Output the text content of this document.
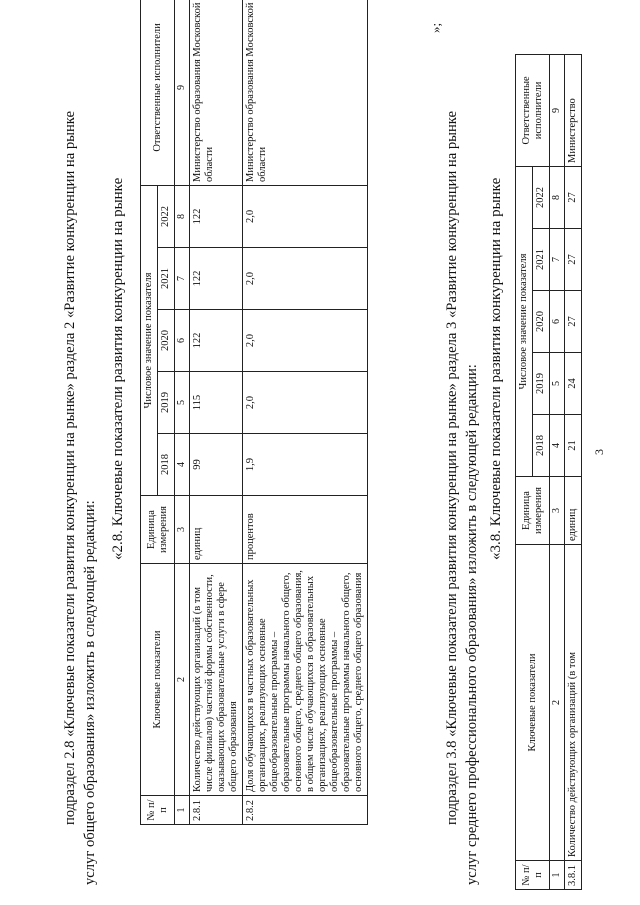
3
подраздел 2.8 «Ключевые показатели развития конкуренции на рынке» раздела 2 «Развитие конкуренции на рынке услуг общего образования» изложить в следующей редакции:
«2.8. Ключевые показатели развития конкуренции на рынке
№ п/п	Ключевые показатели	Единица измерения	Числовое значение показателя					Ответственные исполнители
			2018	2019	2020	2021	2022	
1	2	3	4	5	6	7	8	9
2.8.1	Количество действующих организаций (в том числе филиалов) частной формы собственности, оказывающих образовательные услуги в сфере общего образования	единиц	99	115	122	122	122	Министерство образования Московской области
2.8.2	Доля обучающихся в частных образовательных организациях, реализующих основные общеобразовательные программы – образовательные программы начального общего, основного общего, среднего общего образования, в общем числе обучающихся в образовательных организациях, реализующих основные общеобразовательные программы – образовательные программы начального общего, основного общего, среднего общего образования	процентов	1,9	2,0	2,0	2,0	2,0	Министерство образования Московской области
»;
подраздел 3.8 «Ключевые показатели развития конкуренции на рынке» раздела 3 «Развитие конкуренции на рынке услуг среднего профессионального образования» изложить в следующей редакции: «3.8. Ключевые показатели развития конкуренции на рынке
№ п/п	Ключевые показатели	Единица измерения	Числовое значение показателя					Ответственные исполнители
			2018	2019	2020	2021	2022	
1	2	3	4	5	6	7	8	9
3.8.1	Количество действующих организаций (в том	единиц	21	24	27	27	27	Министерство
